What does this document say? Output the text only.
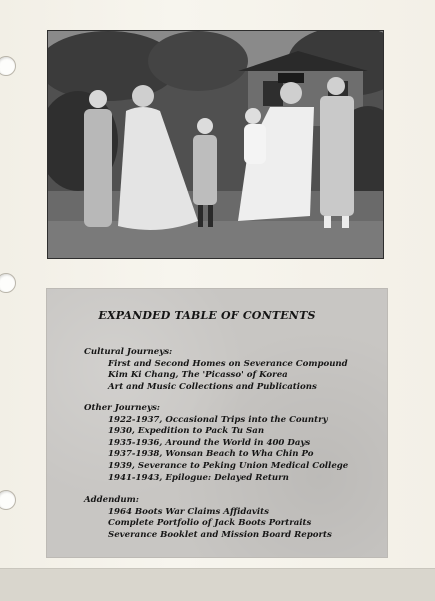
EXPANDED TABLE OF CONTENTS
Cultural Journeys:
First and Second Homes on Severance Compound
Kim Ki Chang, The 'Picasso' of Korea
Art and Music Collections and Publications
Other Journeys:
1922-1937, Occasional Trips into the Country
1930, Expedition to Pack Tu San
1935-1936, Around the World in 400 Days
1937-1938, Wonsan Beach to Wha Chin Po
1939, Severance to Peking Union Medical College
1941-1943, Epilogue: Delayed Return
Addendum:
1964 Boots War Claims Affidavits
Complete Portfolio of Jack Boots Portraits
Severance Booklet and Mission Board Reports
